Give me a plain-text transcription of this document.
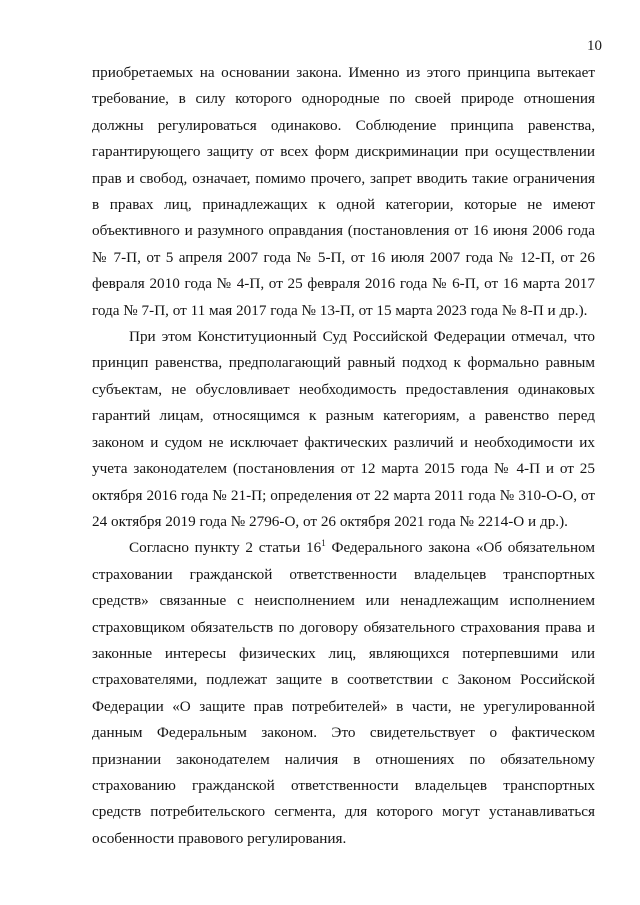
10

приобретаемых на основании закона. Именно из этого принципа вытекает требование, в силу которого однородные по своей природе отношения должны регулироваться одинаково. Соблюдение принципа равенства, гарантирующего защиту от всех форм дискриминации при осуществлении прав и свобод, означает, помимо прочего, запрет вводить такие ограничения в правах лиц, принадлежащих к одной категории, которые не имеют объективного и разумного оправдания (постановления от 16 июня 2006 года № 7-П, от 5 апреля 2007 года № 5-П, от 16 июля 2007 года № 12-П, от 26 февраля 2010 года № 4-П, от 25 февраля 2016 года № 6-П, от 16 марта 2017 года № 7-П, от 11 мая 2017 года № 13-П, от 15 марта 2023 года № 8-П и др.).

При этом Конституционный Суд Российской Федерации отмечал, что принцип равенства, предполагающий равный подход к формально равным субъектам, не обусловливает необходимость предоставления одинаковых гарантий лицам, относящимся к разным категориям, а равенство перед законом и судом не исключает фактических различий и необходимости их учета законодателем (постановления от 12 марта 2015 года № 4-П и от 25 октября 2016 года № 21-П; определения от 22 марта 2011 года № 310-О-О, от 24 октября 2019 года № 2796-О, от 26 октября 2021 года № 2214-О и др.).

Согласно пункту 2 статьи $16^1$ Федерального закона «Об обязательном страховании гражданской ответственности владельцев транспортных средств» связанные с неисполнением или ненадлежащим исполнением страховщиком обязательств по договору обязательного страхования права и законные интересы физических лиц, являющихся потерпевшими или страхователями, подлежат защите в соответствии с Законом Российской Федерации «О защите прав потребителей» в части, не урегулированной данным Федеральным законом. Это свидетельствует о фактическом признании законодателем наличия в отношениях по обязательному страхованию гражданской ответственности владельцев транспортных средств потребительского сегмента, для которого могут устанавливаться особенности правового регулирования.
